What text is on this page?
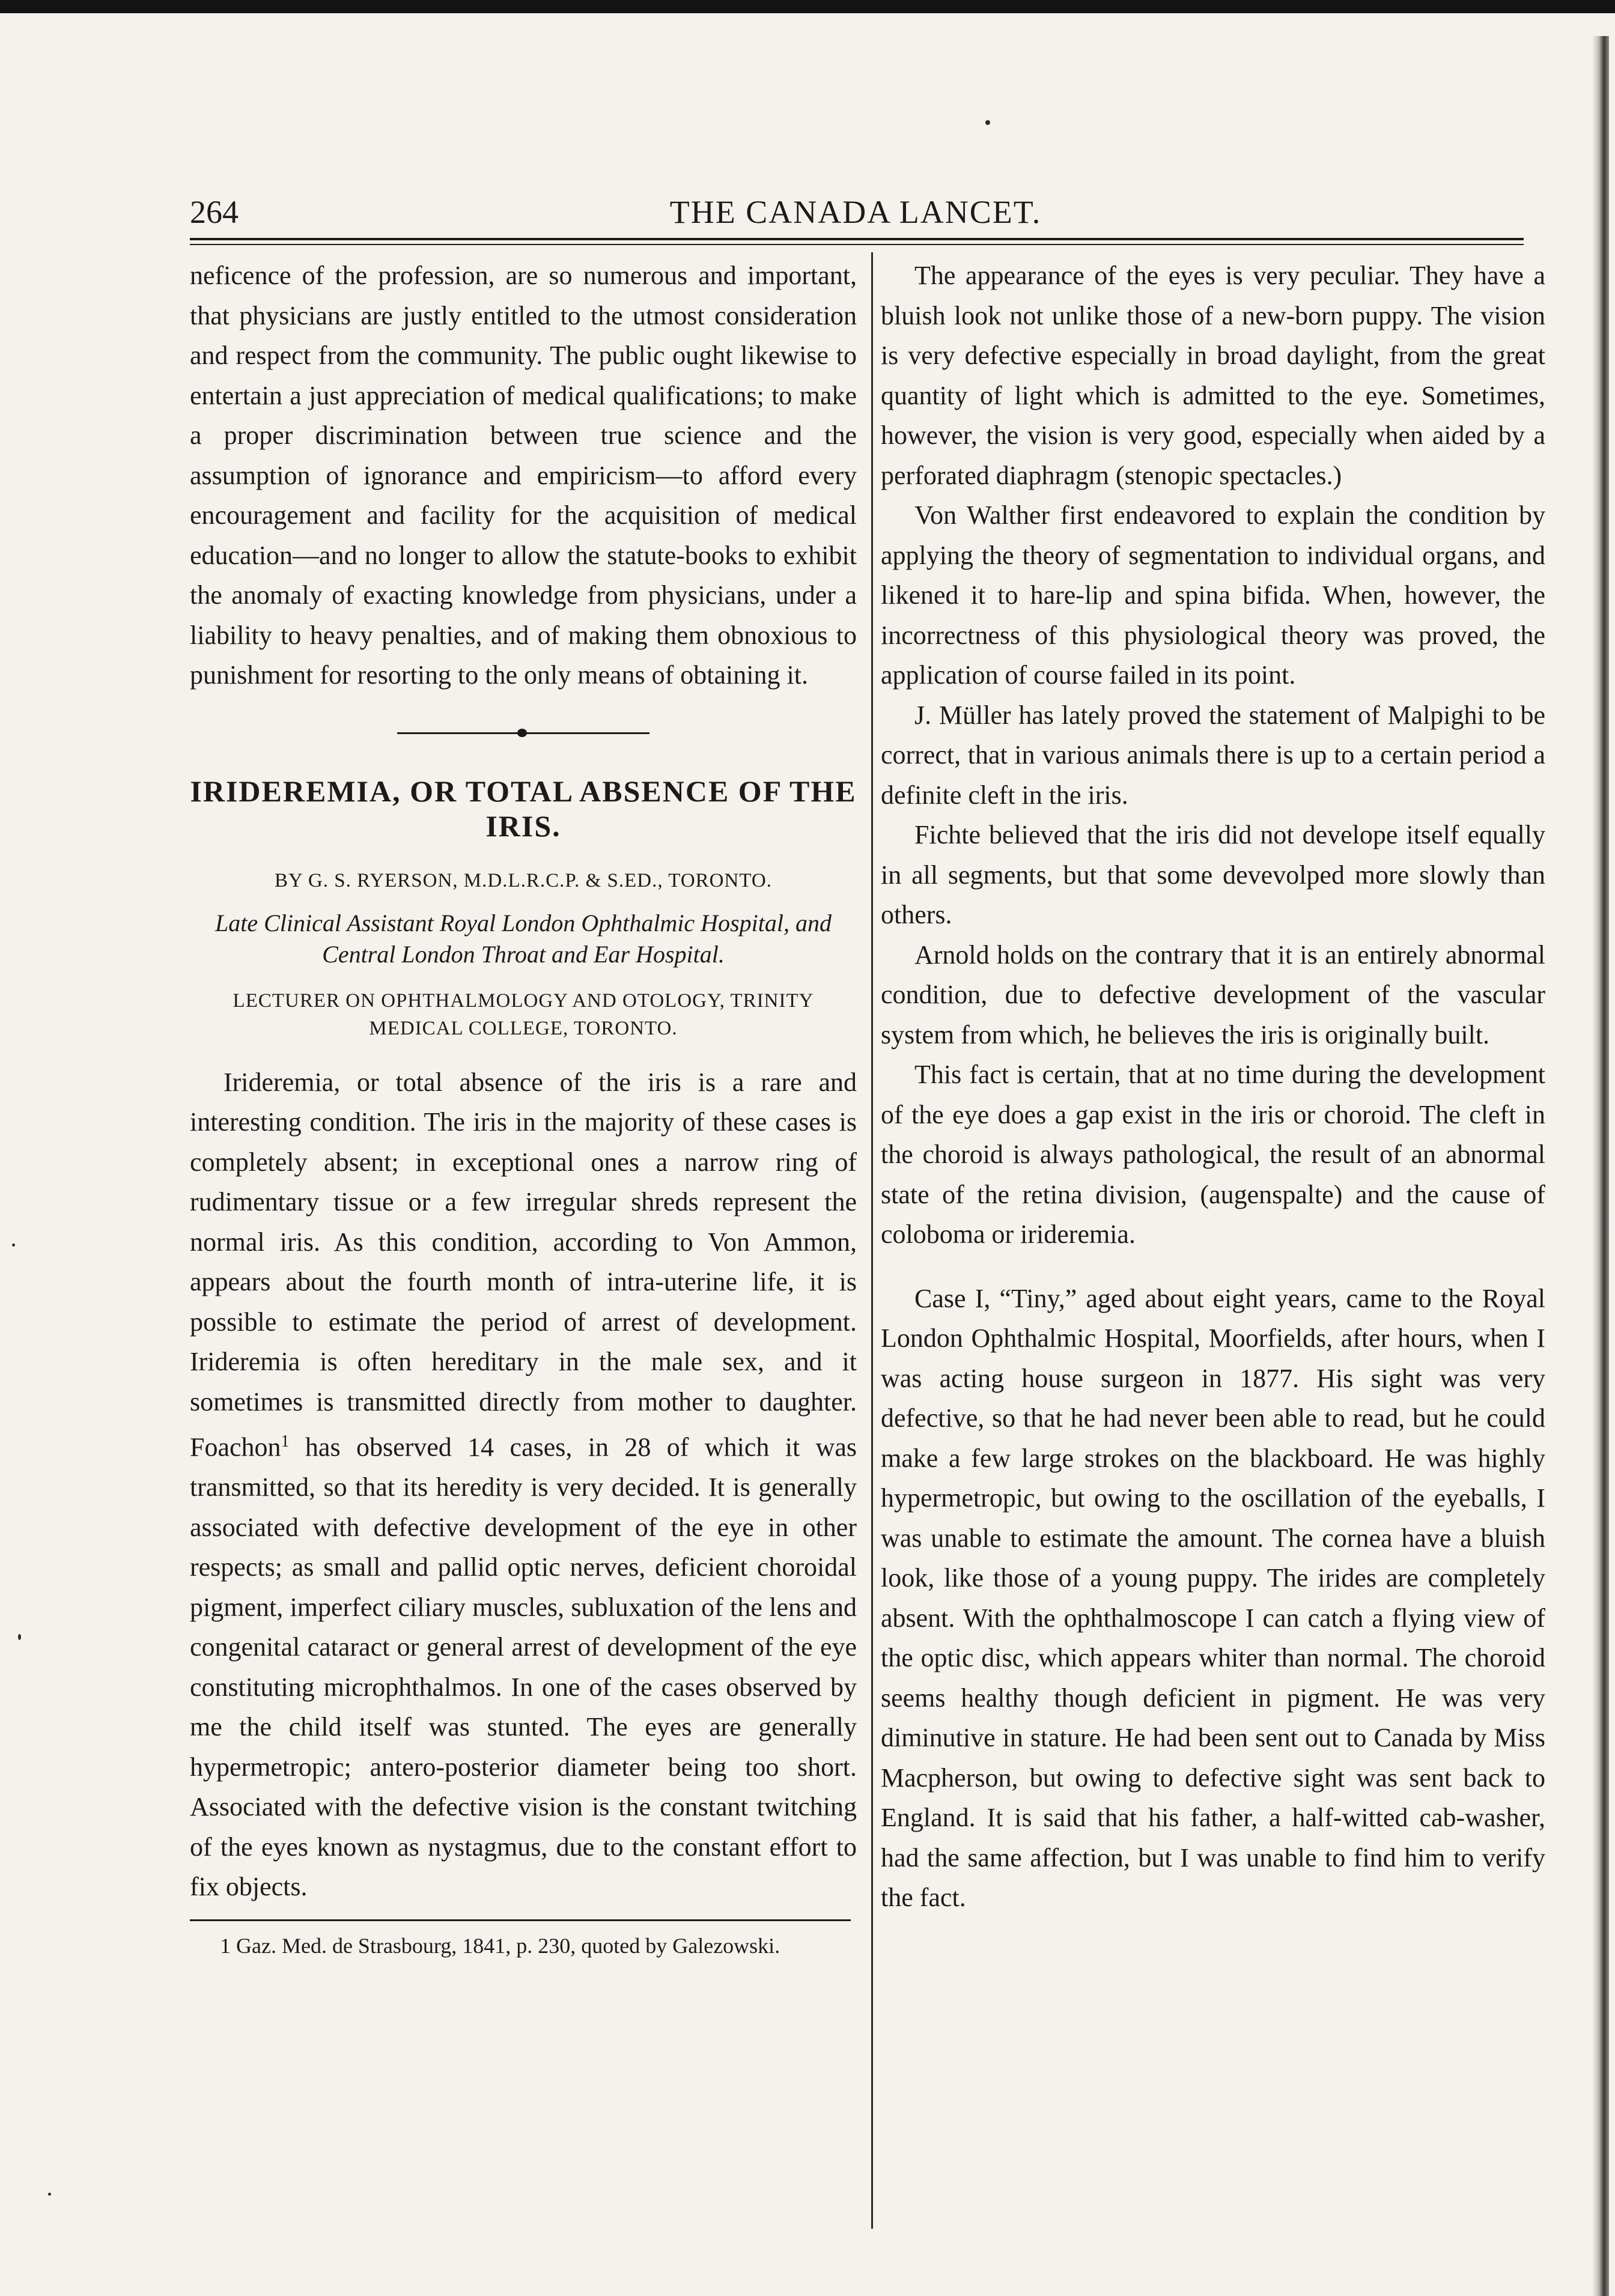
264	THE CANADA LANCET.

neficence of the profession, are so numerous and important, that physicians are justly entitled to the utmost consideration and respect from the community. The public ought likewise to entertain a just appreciation of medical qualifications; to make a proper discrimination between true science and the assumption of ignorance and empiricism—to afford every encouragement and facility for the acquisition of medical education—and no longer to allow the statute-books to exhibit the anomaly of exacting knowledge from physicians, under a liability to heavy penalties, and of making them obnoxious to punishment for resorting to the only means of obtaining it.

IRIDEREMIA, OR TOTAL ABSENCE OF THE IRIS.
BY G. S. RYERSON, M.D.L.R.C.P. & S.ED., TORONTO.
Late Clinical Assistant Royal London Ophthalmic Hospital, and Central London Throat and Ear Hospital.
LECTURER ON OPHTHALMOLOGY AND OTOLOGY, TRINITY MEDICAL COLLEGE, TORONTO.

Irideremia, or total absence of the iris is a rare and interesting condition. The iris in the majority of these cases is completely absent; in exceptional ones a narrow ring of rudimentary tissue or a few irregular shreds represent the normal iris. As this condition, according to Von Ammon, appears about the fourth month of intra-uterine life, it is possible to estimate the period of arrest of development. Irideremia is often hereditary in the male sex, and it sometimes is transmitted directly from mother to daughter. Foachon$^1$ has observed 14 cases, in 28 of which it was transmitted, so that its heredity is very decided. It is generally associated with defective development of the eye in other respects; as small and pallid optic nerves, deficient choroidal pigment, imperfect ciliary muscles, subluxation of the lens and congenital cataract or general arrest of development of the eye constituting microphthalmos. In one of the cases observed by me the child itself was stunted. The eyes are generally hypermetropic; antero-posterior diameter being too short. Associated with the defective vision is the constant twitching of the eyes known as nystagmus, due to the constant effort to fix objects.

1 Gaz. Med. de Strasbourg, 1841, p. 230, quoted by Galezowski.

The appearance of the eyes is very peculiar. They have a bluish look not unlike those of a new-born puppy. The vision is very defective especially in broad daylight, from the great quantity of light which is admitted to the eye. Sometimes, however, the vision is very good, especially when aided by a perforated diaphragm (stenopic spectacles.)

Von Walther first endeavored to explain the condition by applying the theory of segmentation to individual organs, and likened it to hare-lip and spina bifida. When, however, the incorrectness of this physiological theory was proved, the application of course failed in its point.

J. Müller has lately proved the statement of Malpighi to be correct, that in various animals there is up to a certain period a definite cleft in the iris.

Fichte believed that the iris did not develope itself equally in all segments, but that some devevolped more slowly than others.

Arnold holds on the contrary that it is an entirely abnormal condition, due to defective development of the vascular system from which, he believes the iris is originally built.

This fact is certain, that at no time during the development of the eye does a gap exist in the iris or choroid. The cleft in the choroid is always pathological, the result of an abnormal state of the retina division, (augenspalte) and the cause of coloboma or irideremia.

Case I, “Tiny,” aged about eight years, came to the Royal London Ophthalmic Hospital, Moorfields, after hours, when I was acting house surgeon in 1877. His sight was very defective, so that he had never been able to read, but he could make a few large strokes on the blackboard. He was highly hypermetropic, but owing to the oscillation of the eyeballs, I was unable to estimate the amount. The cornea have a bluish look, like those of a young puppy. The irides are completely absent. With the ophthalmoscope I can catch a flying view of the optic disc, which appears whiter than normal. The choroid seems healthy though deficient in pigment. He was very diminutive in stature. He had been sent out to Canada by Miss Macpherson, but owing to defective sight was sent back to England. It is said that his father, a half-witted cab-washer, had the same affection, but I was unable to find him to verify the fact.
